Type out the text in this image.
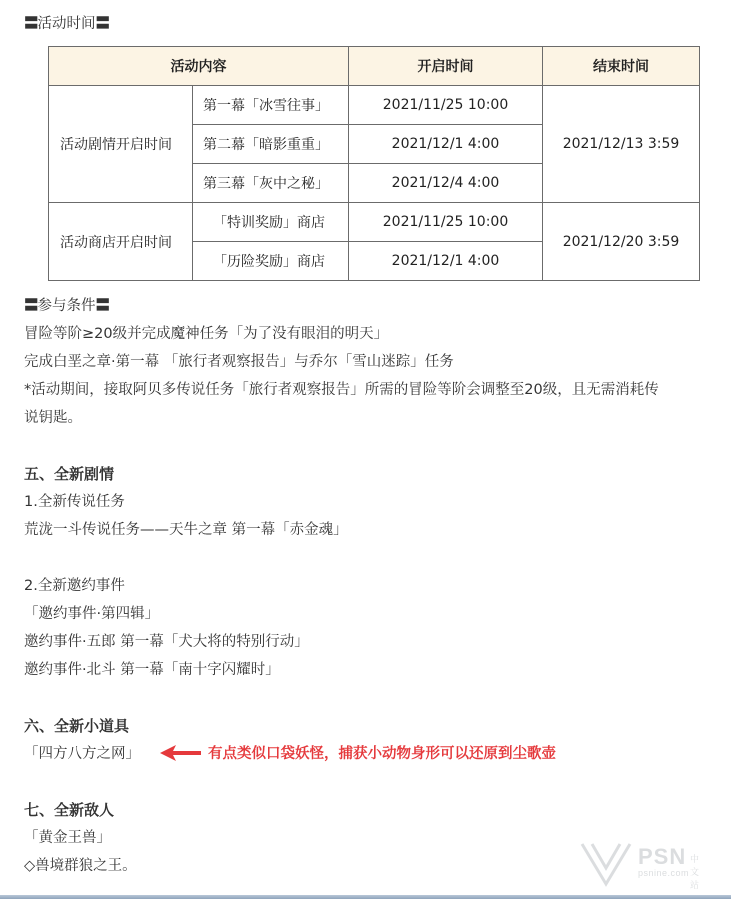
〓活动时间〓
活动内容		开启时间	结束时间
活动剧情开启时间	第一幕「冰雪往事」	2021/11/25 10:00	2021/12/13 3:59
	第二幕「暗影重重」	2021/12/1 4:00	
	第三幕「灰中之秘」	2021/12/4 4:00	
活动商店开启时间	「特训奖励」商店	2021/11/25 10:00	2021/12/20 3:59
	「历险奖励」商店	2021/12/1 4:00	
〓参与条件〓
冒险等阶≥20级并完成魔神任务「为了没有眼泪的明天」
完成白垩之章·第一幕 「旅行者观察报告」与乔尔「雪山迷踪」任务
*活动期间，接取阿贝多传说任务「旅行者观察报告」所需的冒险等阶会调整至20级，且无需消耗传
说钥匙。
五、全新剧情
1.全新传说任务
荒泷一斗传说任务——天牛之章 第一幕「赤金魂」
2.全新邀约事件
「邀约事件·第四辑」
邀约事件·五郎 第一幕「犬大将的特别行动」
邀约事件·北斗 第一幕「南十字闪耀时」
六、全新小道具
「四方八方之网」	有点类似口袋妖怪，捕获小动物身形可以还原到尘歌壶
七、全新敌人
「黄金王兽」
◇兽境群狼之王。	PSN 中文站
psnine.com
